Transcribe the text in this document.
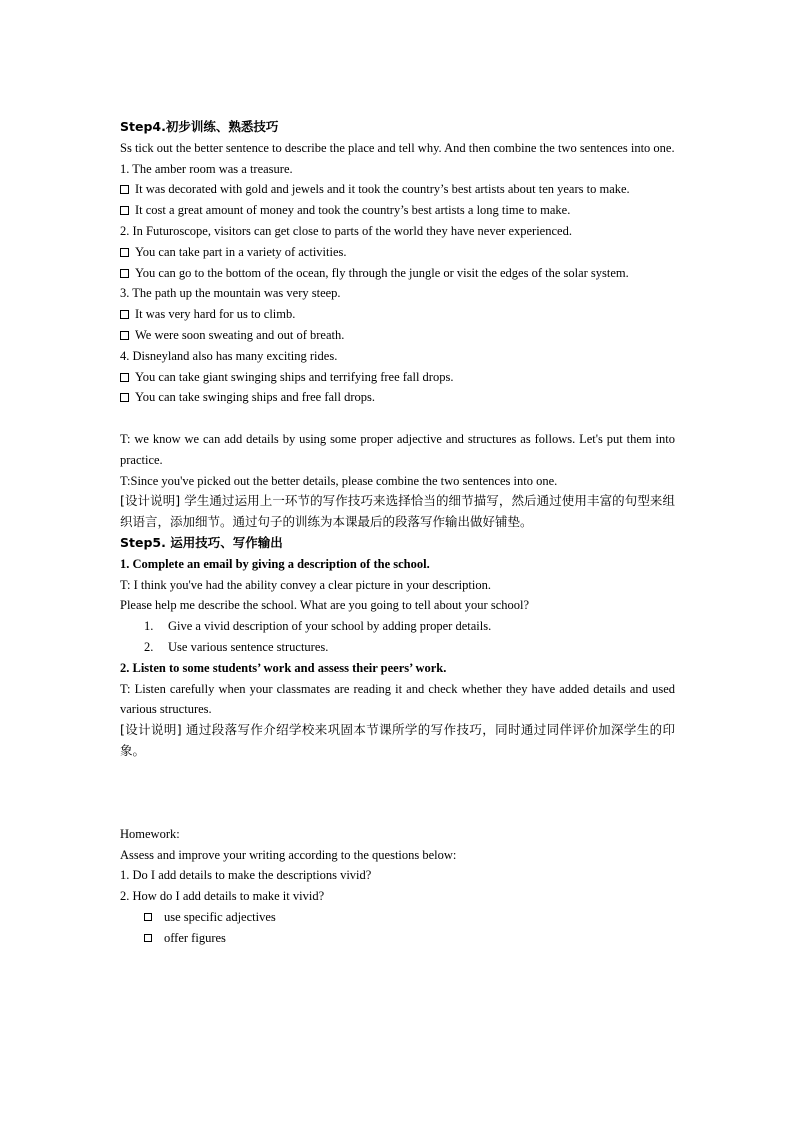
Step4.初步训练、熟悉技巧
Ss tick out the better sentence to describe the place and tell why. And then combine the two sentences into one.
1. The amber room was a treasure.
It was decorated with gold and jewels and it took the country’s best artists about ten years to make.
It cost a great amount of money and took the country’s best artists a long time to make.
2. In Futuroscope, visitors can get close to parts of the world they have never experienced.
You can take part in a variety of activities.
You can go to the bottom of the ocean, fly through the jungle or visit the edges of the solar system.
3. The path up the mountain was very steep.
It was very hard for us to climb.
We were soon sweating and out of breath.
4. Disneyland also has many exciting rides.
You can take giant swinging ships and terrifying free fall drops.
You can take swinging ships and free fall drops.
T: we know we can add details by using some proper adjective and structures as follows. Let's put them into practice.
T:Since you've picked out the better details, please combine the two sentences into one.
[设计说明] 学生通过运用上一环节的写作技巧来选择恰当的细节描写，然后通过使用丰富的句型来组织语言，添加细节。通过句子的训练为本课最后的段落写作输出做好铺垫。
Step5. 运用技巧、写作输出
1. Complete an email by giving a description of the school.
T: I think you've had the ability convey a clear picture in your description.
Please help me describe the school. What are you going to tell about your school?
1. Give a vivid description of your school by adding proper details.
2. Use various sentence structures.
2. Listen to some students’ work and assess their peers’ work.
T: Listen carefully when your classmates are reading it and check whether they have added details and used various structures.
[设计说明] 通过段落写作介绍学校来巩固本节课所学的写作技巧，同时通过同伴评价加深学生的印象。
Homework:
Assess and improve your writing according to the questions below:
1. Do I add details to make the descriptions vivid?
2. How do I add details to make it vivid?
use specific adjectives
offer figures
